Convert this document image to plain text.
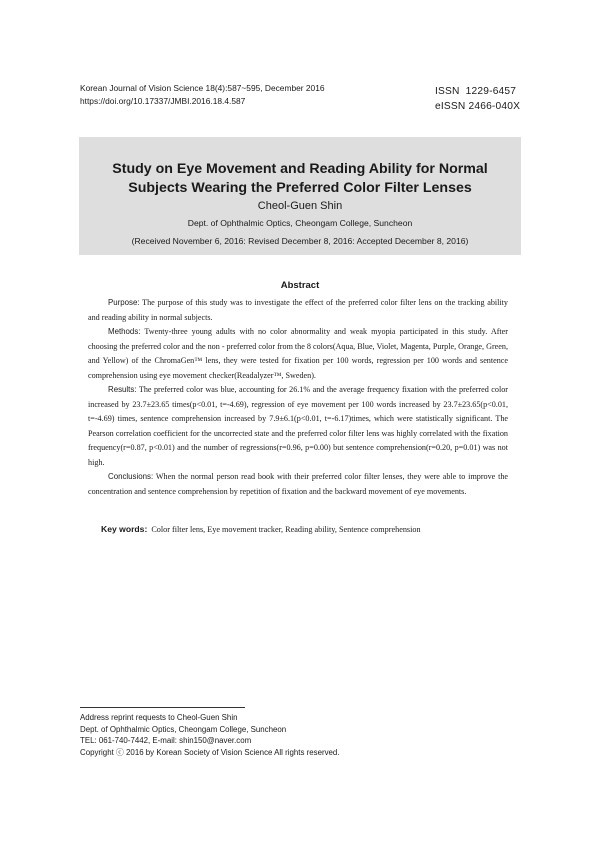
Korean Journal of Vision Science 18(4):587~595, December 2016
https://doi.org/10.17337/JMBI.2016.18.4.587
ISSN  1229-6457
eISSN 2466-040X
Study on Eye Movement and Reading Ability for Normal
Subjects Wearing the Preferred Color Filter Lenses
Cheol-Guen Shin
Dept. of Ophthalmic Optics, Cheongam College, Suncheon
(Received November 6, 2016: Revised December 8, 2016: Accepted December 8, 2016)
Abstract

Purpose: The purpose of this study was to investigate the effect of the preferred color filter lens on the tracking ability and reading ability in normal subjects.

Methods: Twenty-three young adults with no color abnormality and weak myopia participated in this study. After choosing the preferred color and the non - preferred color from the 8 colors(Aqua, Blue, Violet, Magenta, Purple, Orange, Green, and Yellow) of the ChromaGen™ lens, they were tested for fixation per 100 words, regression per 100 words and sentence comprehension using eye movement checker(Readalyzer™, Sweden).

Results: The preferred color was blue, accounting for 26.1% and the average frequency fixation with the preferred color increased by 23.7±23.65 times(p<0.01, t=-4.69), regression of eye movement per 100 words increased by 23.7±23.65(p<0.01, t=-4.69) times, sentence comprehension increased by 7.9±6.1(p<0.01, t=-6.17)times, which were statistically significant. The Pearson correlation coefficient for the uncorrected state and the preferred color filter lens was highly correlated with the fixation frequency(r=0.87, p<0.01) and the number of regressions(r=0.96, p=0.00) but sentence comprehension(r=0.20, p=0.01) was not high.

Conclusions: When the normal person read book with their preferred color filter lenses, they were able to improve the concentration and sentence comprehension by repetition of fixation and the backward movement of eye movements.

Key words: Color filter lens, Eye movement tracker, Reading ability, Sentence comprehension
Address reprint requests to Cheol-Guen Shin
Dept. of Ophthalmic Optics, Cheongam College, Suncheon
TEL: 061-740-7442, E-mail: shin150@naver.com
Copyright ⓒ 2016 by Korean Society of Vision Science All rights reserved.
